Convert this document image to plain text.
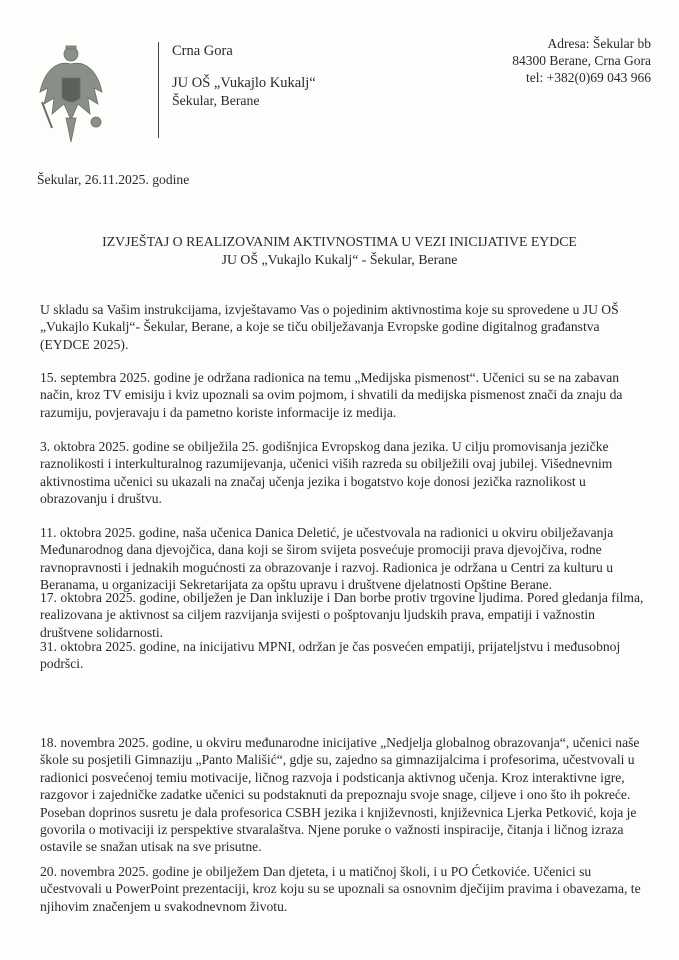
Crna Gora
JU OŠ „Vukajlo Kukalj“
Šekular, Berane
Adresa: Šekular bb
84300 Berane, Crna Gora
tel: +382(0)69 043 966
Šekular, 26.11.2025. godine
IZVJEŠTAJ O REALIZOVANIM AKTIVNOSTIMA U VEZI INICIJATIVE EYDCE
JU OŠ „Vukajlo Kukalj“ - Šekular, Berane
U skladu sa Vašim instrukcijama, izvještavamo Vas o pojedinim aktivnostima koje su sprovedene u JU OŠ
„Vukajlo Kukalj“- Šekular, Berane, a koje se tiču obilježavanja Evropske godine digitalnog građanstva
(EYDCE 2025).
15. septembra 2025. godine je održana radionica na temu „Medijska pismenost“. Učenici su se na zabavan
način, kroz TV emisiju i kviz upoznali sa ovim pojmom, i shvatili da medijska pismenost znači da znaju da
razumiju, povjeravaju i da pametno koriste informacije iz medija.
3. oktobra 2025. godine se obilježila 25. godišnjica Evropskog dana jezika. U cilju promovisanja jezičke
raznolikosti i interkulturalnog razumijevanja, učenici viših razreda su obilježili ovaj jubilej. Višednevnim
aktivnostima učenici su ukazali na značaj učenja jezika i bogatstvo koje donosi jezička raznolikost u
obrazovanju i društvu.
11. oktobra 2025. godine, naša učenica Danica Deletić, je učestvovala na radionici u okviru obilježavanja
Međunarodnog dana djevojčica, dana koji se širom svijeta posvećuje promociji prava djevojčiva, rodne
ravnopravnosti i jednakih mogućnosti za obrazovanje i razvoj. Radionica je održana u Centri za kulturu u
Beranama, u organizaciji Sekretarijata za opštu upravu i društvene djelatnosti Opštine Berane.
17. oktobra 2025. godine, obilježen je Dan inkluzije i Dan borbe protiv trgovine ljudima. Pored gledanja filma,
realizovana je aktivnost sa ciljem razvijanja svijesti o pošptovanju ljudskih prava, empatiji i važnostin
društvene solidarnosti.
31. oktobra 2025. godine, na inicijativu MPNI, održan je čas posvećen empatiji, prijateljstvu i međusobnoj
podršci.
18. novembra 2025. godine, u okviru međunarodne inicijative „Nedjelja globalnog obrazovanja“, učenici naše
škole su posjetili Gimnaziju „Panto Mališić“, gdje su, zajedno sa gimnazijalcima i profesorima, učestvovali u
radionici posvećenoj temiu motivacije, ličnog razvoja i podsticanja aktivnog učenja. Kroz interaktivne igre,
razgovor i zajedničke zadatke učenici su podstaknuti da prepoznaju svoje snage, ciljeve i ono što ih pokreće.
Poseban doprinos susretu je dala profesorica CSBH jezika i književnosti, književnica Ljerka Petković, koja je
govorila o motivaciji iz perspektive stvaralaštva. Njene poruke o važnosti inspiracije, čitanja i ličnog izraza
ostavile se snažan utisak na sve prisutne.
20. novembra 2025. godine je obilježem Dan djeteta, i u matičnoj školi, i u PO Ćetkoviće. Učenici su
učestvovali u PowerPoint prezentaciji, kroz koju su se upoznali sa osnovnim dječijim pravima i obavezama, te
njihovim značenjem u svakodnevnom životu.
